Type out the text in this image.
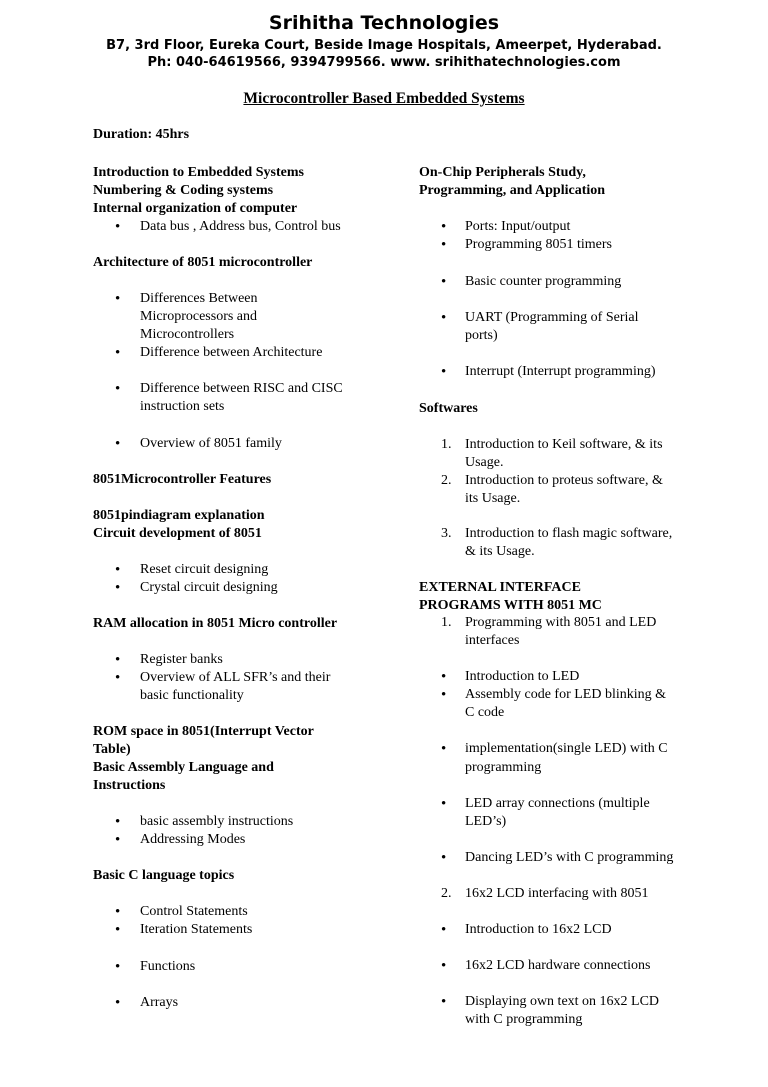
Srihitha Technologies
B7, 3rd Floor, Eureka Court, Beside Image Hospitals, Ameerpet, Hyderabad.
Ph: 040-64619566, 9394799566. www. srihithatechnologies.com
Microcontroller Based Embedded Systems
Duration: 45hrs
Introduction to Embedded Systems
Numbering & Coding systems
Internal organization of computer
• Data bus , Address bus, Control bus
Architecture of 8051 microcontroller
• Differences Between
Microprocessors and
Microcontrollers
• Difference between Architecture
• Difference between RISC and CISC
instruction sets
• Overview of 8051 family
8051Microcontroller Features
8051pindiagram explanation
Circuit development of 8051
• Reset circuit designing
• Crystal circuit designing
RAM allocation in 8051 Micro controller
• Register banks
• Overview of ALL SFR’s and their
basic functionality
ROM space in 8051(Interrupt Vector
Table)
Basic Assembly Language and
Instructions
• basic assembly instructions
• Addressing Modes
Basic C language topics
• Control Statements
• Iteration Statements
• Functions
• Arrays
On-Chip Peripherals Study,
Programming, and Application
• Ports: Input/output
• Programming 8051 timers
• Basic counter programming
• UART (Programming of Serial
ports)
• Interrupt (Interrupt programming)
Softwares
1. Introduction to Keil software, & its
Usage.
2. Introduction to proteus software, &
its Usage.
3. Introduction to flash magic software,
& its Usage.
EXTERNAL INTERFACE
PROGRAMS WITH 8051 MC
1. Programming with 8051 and LED
interfaces
• Introduction to LED
• Assembly code for LED blinking &
C code
• implementation(single LED) with C
programming
• LED array connections (multiple
LED’s)
• Dancing LED’s with C programming
2. 16x2 LCD interfacing with 8051
• Introduction to 16x2 LCD
• 16x2 LCD hardware connections
• Displaying own text on 16x2 LCD
with C programming
